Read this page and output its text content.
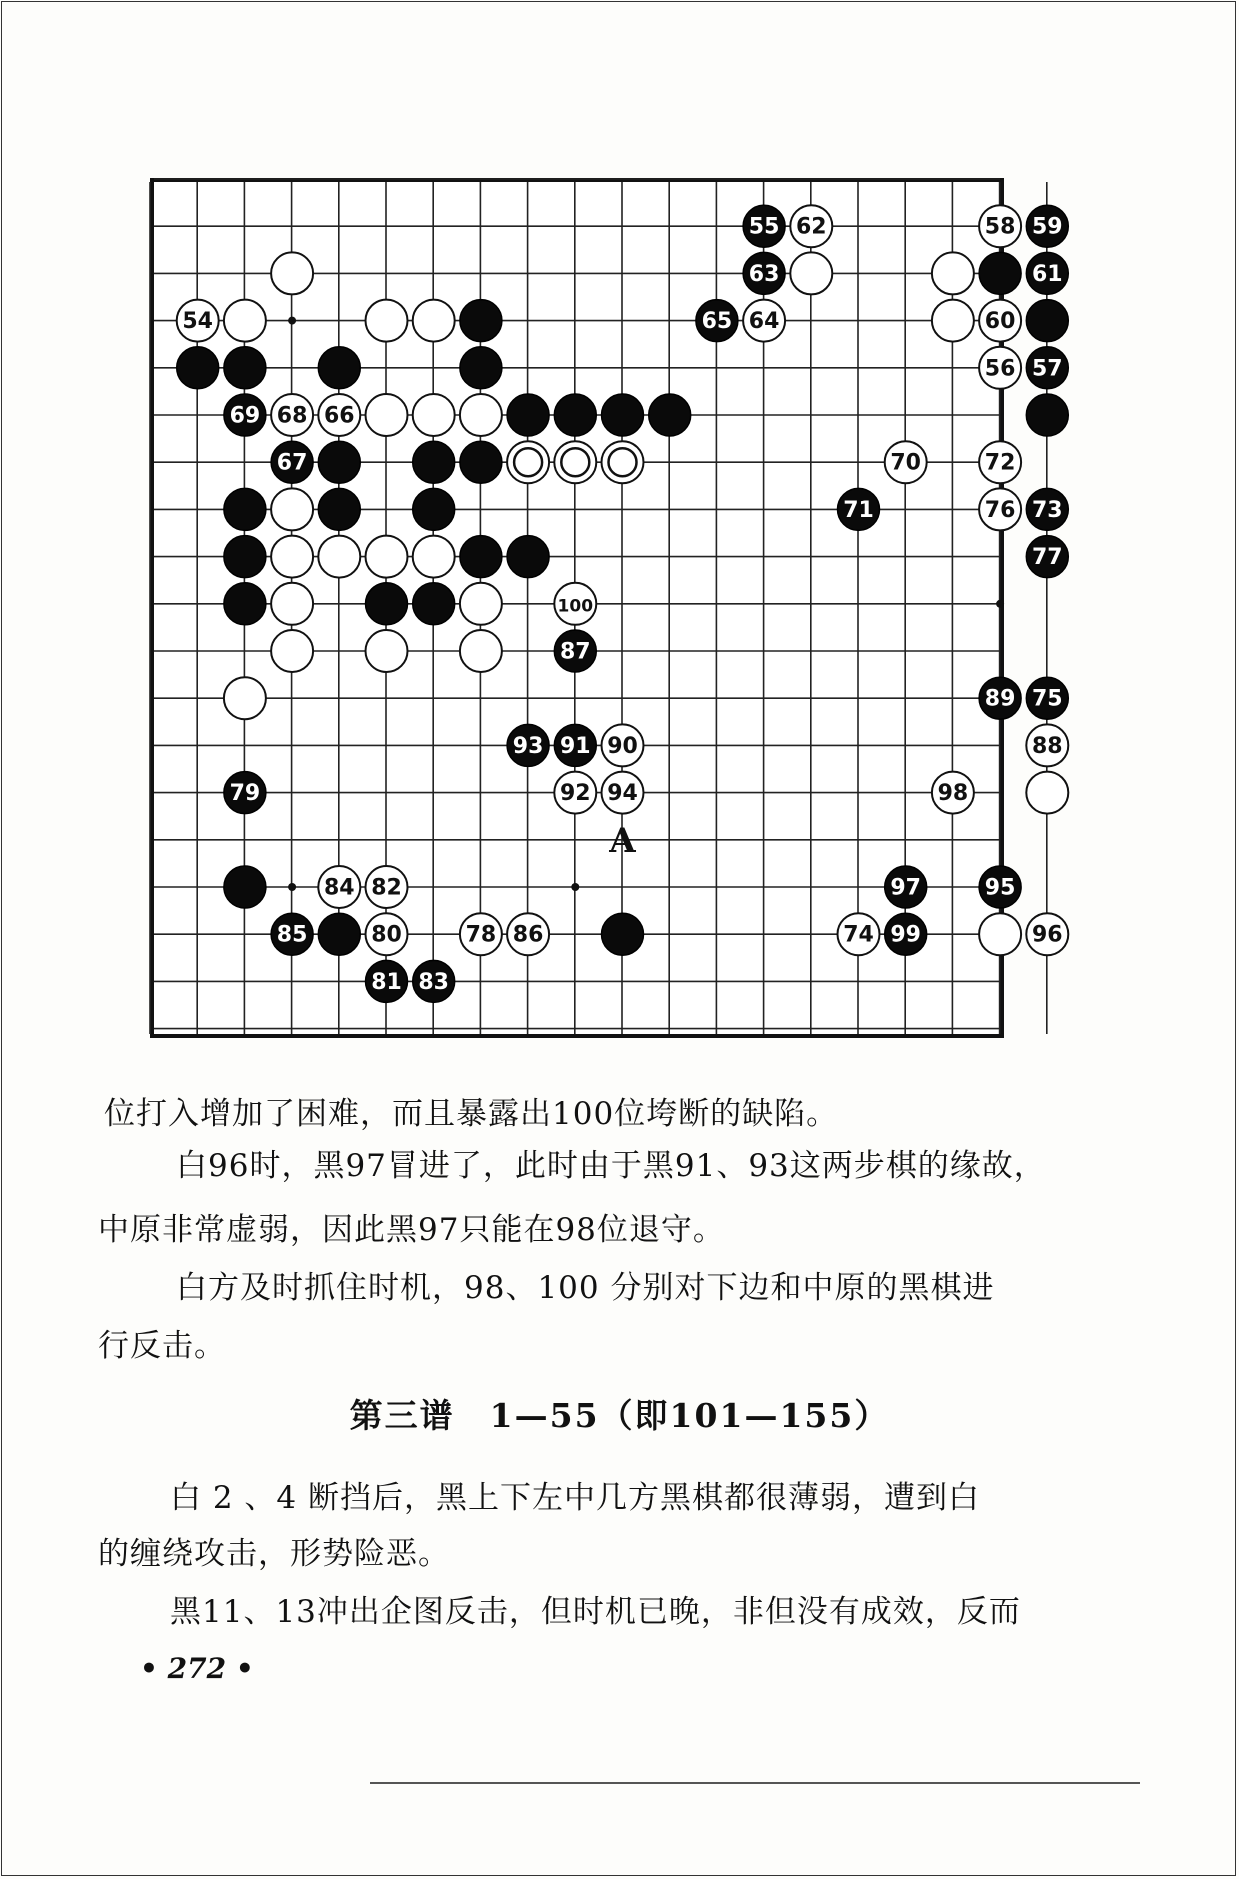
A
55 62	58 59
63	61
54	65 64	60
56 57
69 68 66
67	70	72
71	76 73
77
100
87
89 75
93 91 90	88
79	92 94	98
84 82	97	95
85	80	78 86	74 99	96
81 83
位打入增加了困难，而且暴露出100位垮断的缺陷。
白96时，黑97冒进了，此时由于黑91、93这两步棋的缘故，
中原非常虚弱，因此黑97只能在98位退守。
白方及时抓住时机，98、100 分别对下边和中原的黑棋进
行反击。
第三谱　1—55（即101—155）
白 2 、4 断挡后，黑上下左中几方黑棋都很薄弱，遭到白
的缠绕攻击，形势险恶。
黑11、13冲出企图反击，但时机已晚，非但没有成效，反而
• 272 •
